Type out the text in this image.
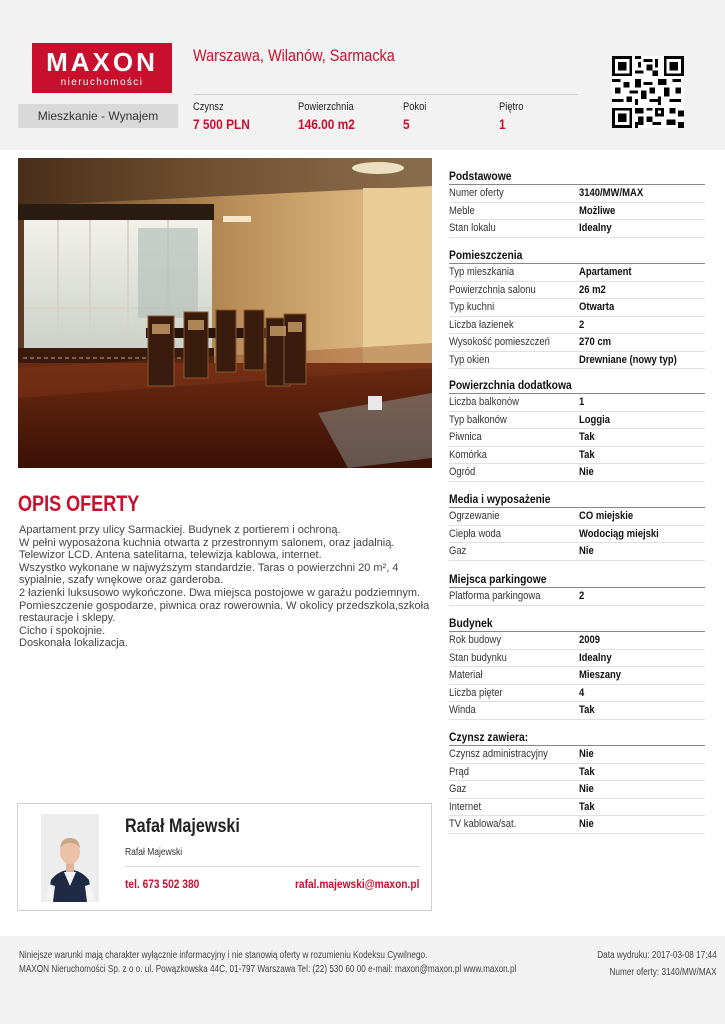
MAXON
nieruchomości
Warszawa, Wilanów, Sarmacka
Mieszkanie - Wynajem
Czynsz
7 500 PLN
Powierzchnia
146.00 m2
Pokoi
5
Piętro
1
OPIS OFERTY

Apartament przy ulicy Sarmackiej. Budynek z portierem i ochroną.

W pełni wyposażona kuchnia otwarta z przestronnym salonem, oraz jadalnią.

Telewizor LCD. Antena satelitarna, telewizja kablowa, internet.

Wszystko wykonane w najwyższym standardzie. Taras o powierzchni 20 m², 4 sypialnie, szafy wnękowe oraz garderoba.

2 łazienki luksusowo wykończone. Dwa miejsca postojowe w garażu podziemnym.

Pomieszczenie gospodarze, piwnica oraz rowerownia. W okolicy przedszkola,szkoła restauracje i sklepy.

Cicho i spokojnie.

Doskonała lokalizacja.

Rafał Majewski
Rafał Majewski
tel. 673 502 380	rafal.majewski@maxon.pl
Podstawowe
Numer oferty	3140/MW/MAX
Meble	Możliwe
Stan lokalu	Idealny
Pomieszczenia
Typ mieszkania	Apartament
Powierzchnia salonu	26 m2
Typ kuchni	Otwarta
Liczba łazienek	2
Wysokość pomieszczeń	270 cm
Typ okien	Drewniane (nowy typ)
Powierzchnia dodatkowa
Liczba balkonów	1
Typ balkonów	Loggia
Piwnica	Tak
Komórka	Tak
Ogród	Nie
Media i wyposażenie
Ogrzewanie	CO miejskie
Ciepła woda	Wodociąg miejski
Gaz	Nie
Miejsca parkingowe
Platforma parkingowa	2
Budynek
Rok budowy	2009
Stan budynku	Idealny
Materiał	Mieszany
Liczba pięter	4
Winda	Tak
Czynsz zawiera:
Czynsz administracyjny	Nie
Prąd	Tak
Gaz	Nie
Internet	Tak
TV kablowa/sat.	Nie
Niniejsze warunki mają charakter wyłącznie informacyjny i nie stanowią oferty w rozumieniu Kodeksu Cywilnego.
MAXON Nieruchomości Sp. z o o. ul. Powązkowska 44C, 01-797 Warszawa Tel: (22) 530 60 00 e-mail: maxon@maxon.pl www.maxon.pl
Data wydruku: 2017-03-08 17:44
Numer oferty: 3140/MW/MAX
